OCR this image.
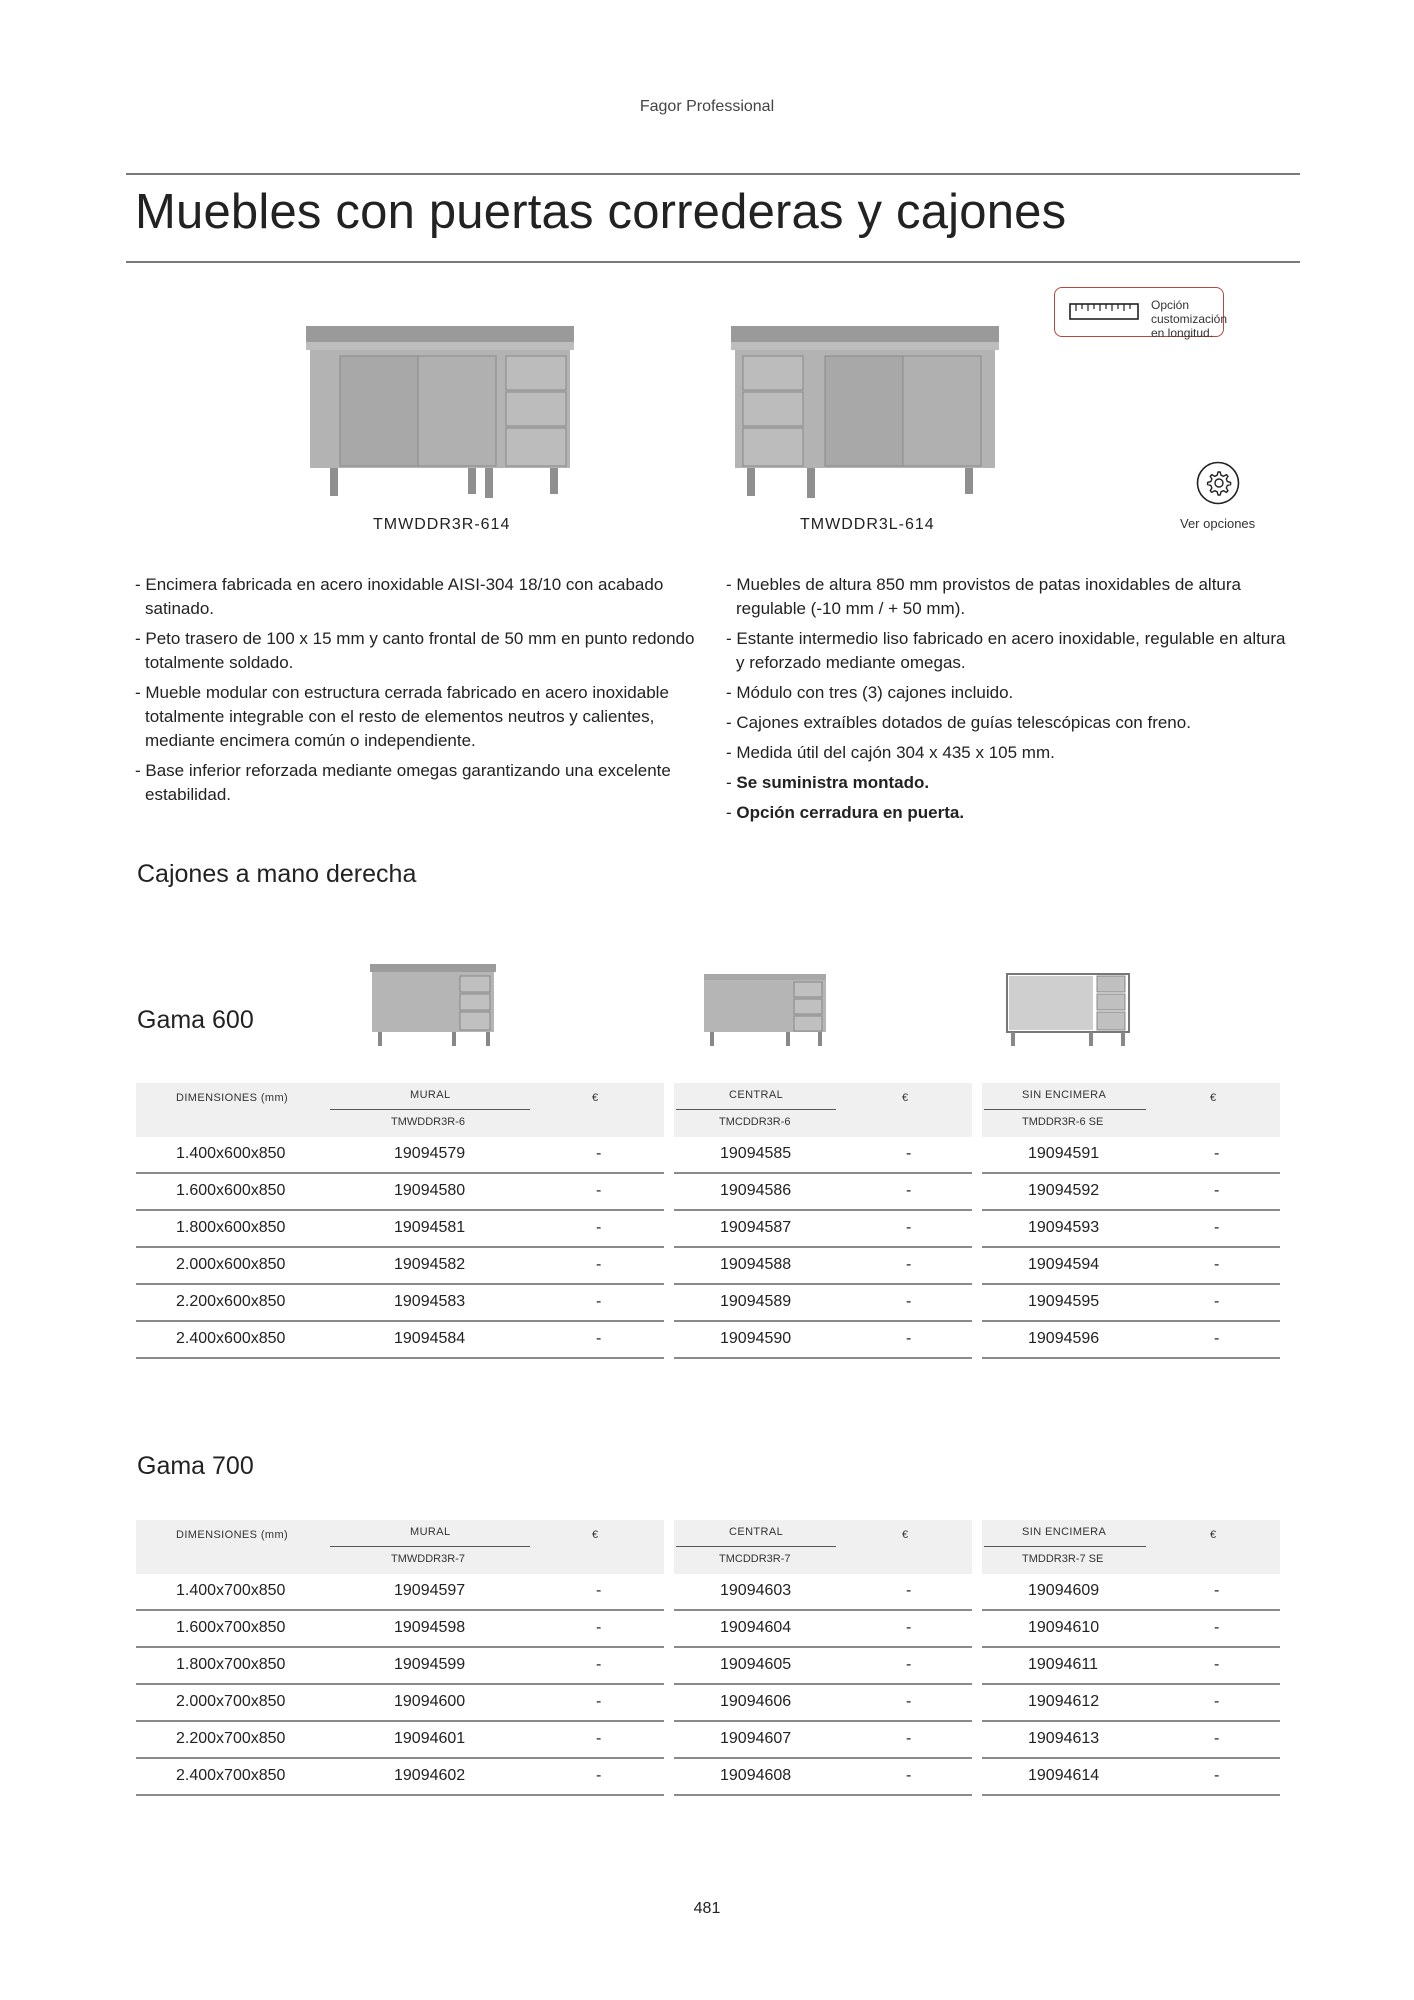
Fagor Professional
Muebles con puertas correderas y cajones
Opción customización en longitud.
Ver opciones
TMWDDR3R-614	TMWDDR3L-614
- Encimera fabricada en acero inoxidable AISI-304 18/10 con acabado satinado.
- Peto trasero de 100 x 15 mm y canto frontal de 50 mm en punto redondo totalmente soldado.
- Mueble modular con estructura cerrada fabricado en acero inoxidable totalmente integrable con el resto de elementos neutros y calientes, mediante encimera común o independiente.
- Base inferior reforzada mediante omegas garantizando una excelente estabilidad.
- Muebles de altura 850 mm provistos de patas inoxidables de altura regulable (-10 mm / + 50 mm).
- Estante intermedio liso fabricado en acero inoxidable, regulable en altura y reforzado mediante omegas.
- Módulo con tres (3) cajones incluido.
- Cajones extraíbles dotados de guías telescópicas con freno.
- Medida útil del cajón 304 x 435 x 105 mm.
- Se suministra montado.
- Opción cerradura en puerta.
Cajones a mano derecha
Gama 600
DIMENSIONES (mm)	MURAL
TMWDDR3R-6
€	CENTRAL
TMCDDR3R-6
€	SIN ENCIMERA
TMDDR3R-6 SE
€
1.400x600x850	19094579	-	19094585	-	19094591	-
1.600x600x850	19094580	-	19094586	-	19094592	-
1.800x600x850	19094581	-	19094587	-	19094593	-
2.000x600x850	19094582	-	19094588	-	19094594	-
2.200x600x850	19094583	-	19094589	-	19094595	-
2.400x600x850	19094584	-	19094590	-	19094596	-
Gama 700
DIMENSIONES (mm)	MURAL
TMWDDR3R-7
€	CENTRAL
TMCDDR3R-7
€	SIN ENCIMERA
TMDDR3R-7 SE
€
1.400x700x850	19094597	-	19094603	-	19094609	-
1.600x700x850	19094598	-	19094604	-	19094610	-
1.800x700x850	19094599	-	19094605	-	19094611	-
2.000x700x850	19094600	-	19094606	-	19094612	-
2.200x700x850	19094601	-	19094607	-	19094613	-
2.400x700x850	19094602	-	19094608	-	19094614	-
481
